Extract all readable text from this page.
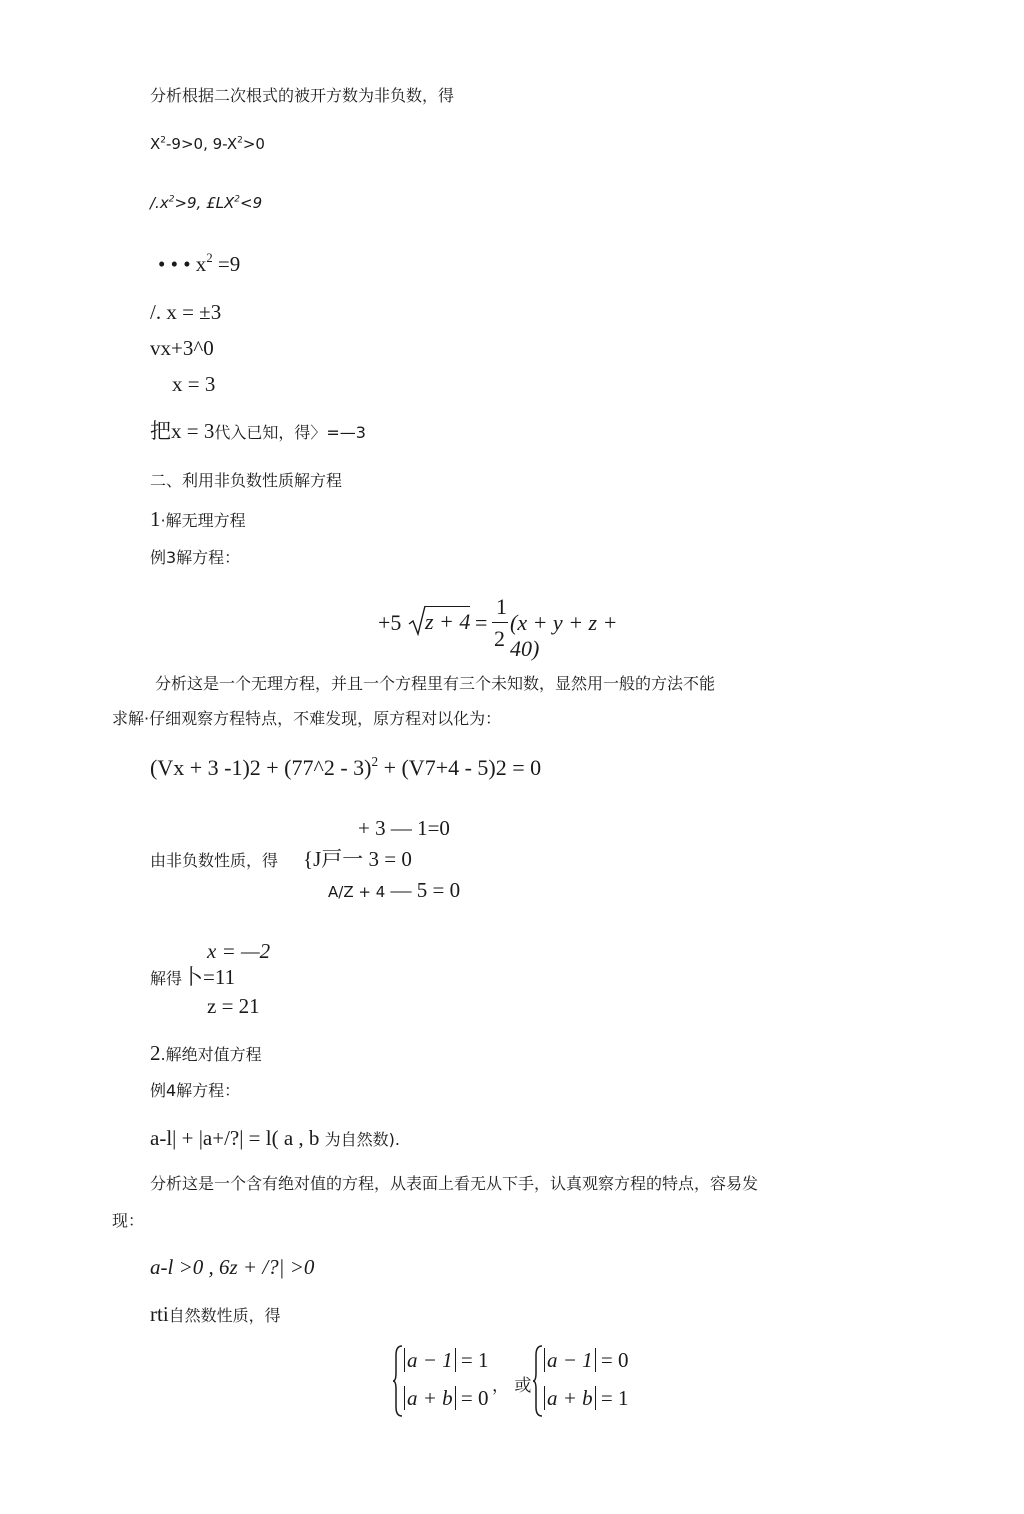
分析根据二次根式的被开方数为非负数，得
$X^2-9>0$, $9-X^2>0$
$/.x^2>9$, $£LX^2<9$
• • • $x^2 =9$
/. x = ±3
vx+3^0
x = 3
把x = 3代入已知，得〉=—3
二、利用非负数性质解方程
1·解无理方程
例3解方程：
+5 z + 4 =
1
2
(x + y + z + 40)
分析这是一个无理方程，并且一个方程里有三个未知数，显然用一般的方法不能
求解·仔细观察方程特点，不难发现，原方程对以化为：
(Vx + 3 -1)2 + (77^2 - 3)$^2$ + (V7+4 - 5)2 = 0
+ 3 — 1=0
由非负数性质，得 {J戸一 3 = 0
A/Z + 4 — 5 = 0
x = —2
解得卜=11
z = 21
2.解绝对值方程
例4解方程：
a-l| + |a+/?| = l( a , b 为自然数).
分析这是一个含有绝对值的方程，从表面上看无从下手，认真观察方程的特点，容易发
现：
a-l >0 , 6z + /?| >0
rti自然数性质，得
a − 1 = 1
a + b = 0 ， 或
a − 1 = 0
a + b = 1
